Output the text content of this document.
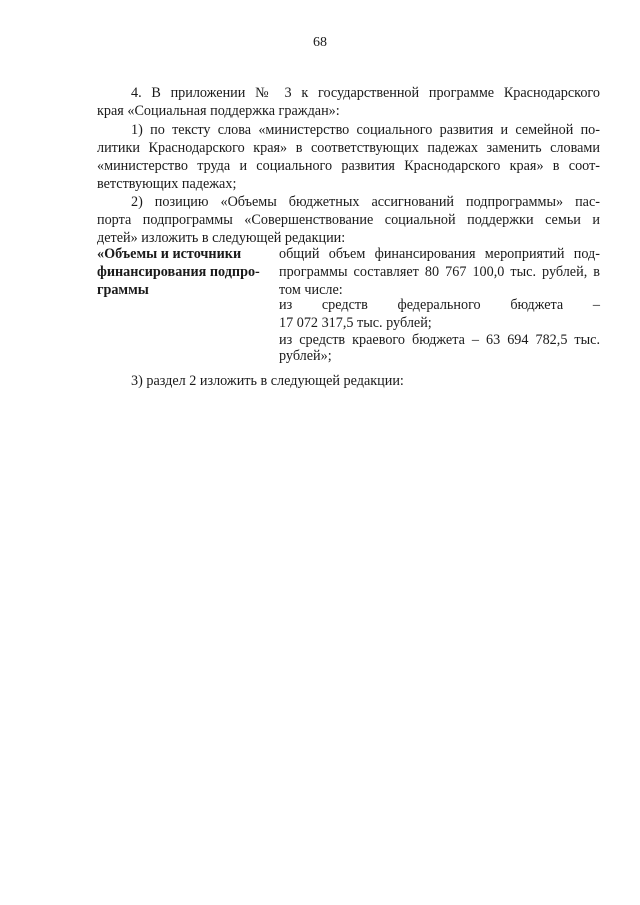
68
4. В приложении № 3 к государственной программе Краснодарского
края «Социальная поддержка граждан»:
1) по тексту слова «министерство социального развития и семейной по-
литики Краснодарского края» в соответствующих падежах заменить словами
«министерство труда и социального развития Краснодарского края» в соот-
ветствующих падежах;
2) позицию «Объемы бюджетных ассигнований подпрограммы» пас-
порта подпрограммы «Совершенствование социальной поддержки семьи и
детей» изложить в следующей редакции:
«Объемы и источники
финансирования подпро-
граммы
общий объем финансирования мероприятий под-
программы составляет 80 767 100,0 тыс. рублей, в
том числе:
из средств федерального бюджета –
17 072 317,5 тыс. рублей;
из средств краевого бюджета – 63 694 782,5 тыс.
рублей»;
3) раздел 2 изложить в следующей редакции:
